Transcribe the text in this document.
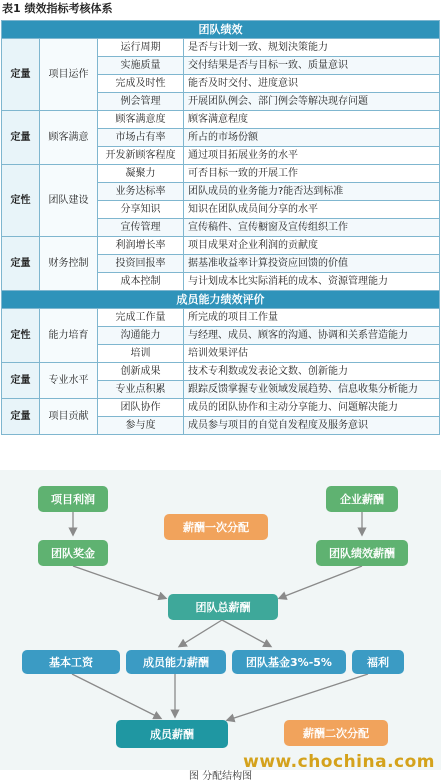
表1 绩效指标考核体系
团队绩效			
定量	项目运作	运行周期	是否与计划一致、规划決策能力
		实施质量	交付结果是否与目标一致、质量意识
		完成及时性	能否及时交付、进度意识
		例会管理	开展团队例会、部门例会等解决现存问题
定量	顾客满意	顾客满意度	顾客满意程度
		市场占有率	所占的市场份额
		开发新顾客程度	通过项目拓展业务的水平
定性	团队建设	凝聚力	可否目标一致的开展工作
		业务达标率	团队成员的业务能力?能否达到标准
		分享知识	知识在团队成员间分享的水平
		宣传管理	宣传稿件、宣传橱窗及宣传组织工作
定量	财务控制	利润增长率	项目成果对企业利润的贡献度
		投资回报率	据基准收益率计算投资应回馈的价值
		成本控制	与计划成本比实际消耗的成本、资源管理能力
成员能力绩效评价			
定性	能力培育	完成工作量	所完成的项目工作量
		沟通能力	与经理、成员、顾客的沟通、协调和关系营造能力
		培训	培训效果评估
定量	专业水平	创新成果	技术专利数或发表论文数、创新能力
		专业点积累	跟踪反馈掌握专业领域发展趋势、信息收集分析能力
定量	项目贡献	团队协作	成员的团队协作和主动分享能力、问题解决能力
		参与度	成员参与项目的自觉自发程度及服务意识
项目利润	企业薪酬
薪酬一次分配
团队奖金	团队绩效薪酬
团队总薪酬
基本工资	成员能力薪酬	团队基金3%-5%	福利
成员薪酬	薪酬二次分配
www.chochina.com
图 分配结构图
